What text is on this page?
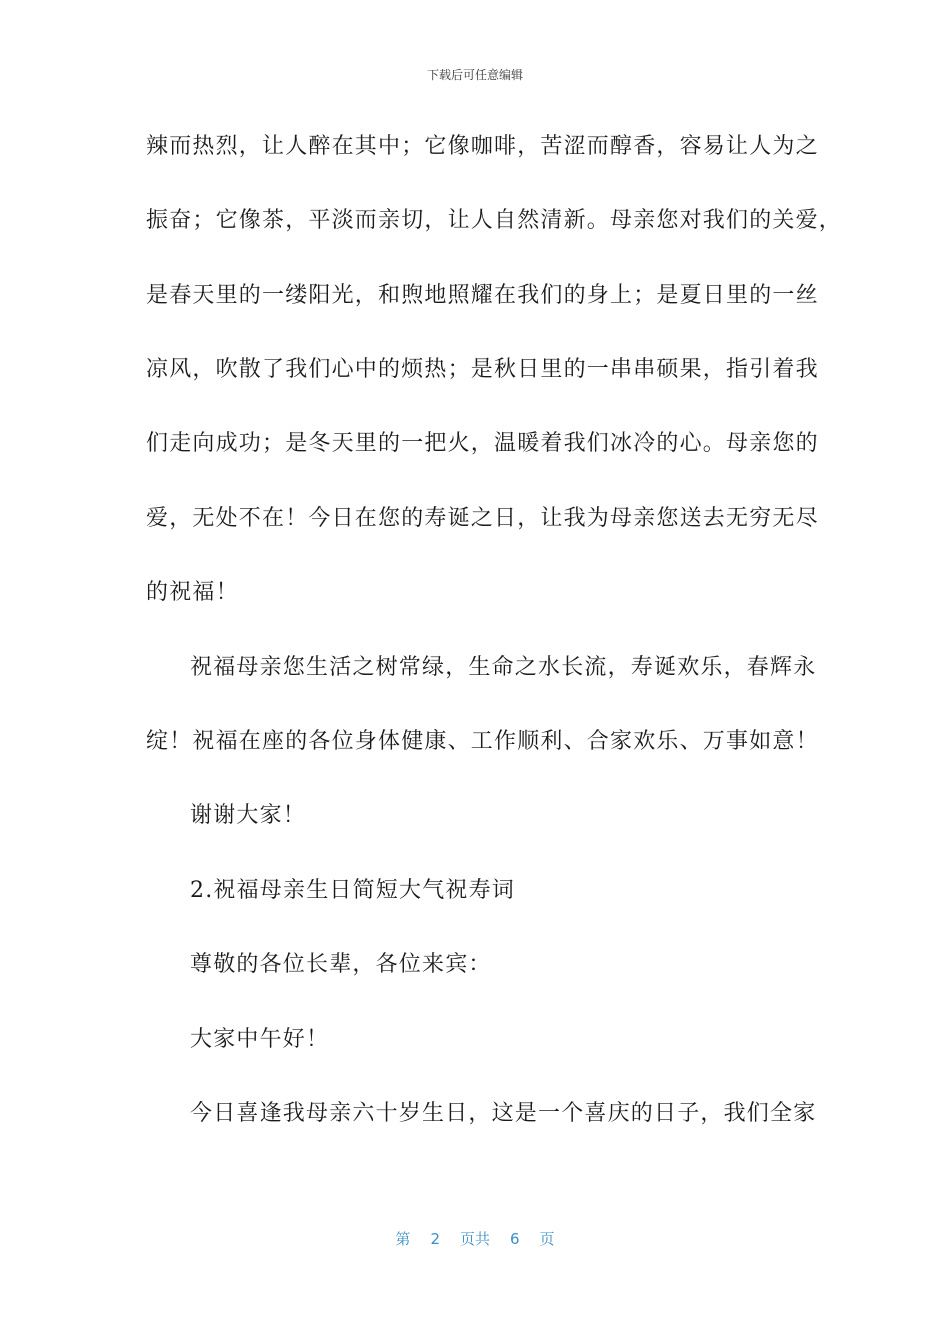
下载后可任意编辑
辣而热烈，让人醉在其中；它像咖啡，苦涩而醇香，容易让人为之
振奋；它像茶，平淡而亲切，让人自然清新。母亲您对我们的关爱，
是春天里的一缕阳光，和煦地照耀在我们的身上；是夏日里的一丝
凉风，吹散了我们心中的烦热；是秋日里的一串串硕果，指引着我
们走向成功；是冬天里的一把火，温暖着我们冰冷的心。母亲您的
爱，无处不在！今日在您的寿诞之日，让我为母亲您送去无穷无尽
的祝福！
祝福母亲您生活之树常绿，生命之水长流，寿诞欢乐，春辉永
绽！祝福在座的各位身体健康、工作顺利、合家欢乐、万事如意！
谢谢大家！
2.祝福母亲生日简短大气祝寿词
尊敬的各位长辈，各位来宾：
大家中午好！
今日喜逢我母亲六十岁生日，这是一个喜庆的日子，我们全家
第 2 页共 6 页
